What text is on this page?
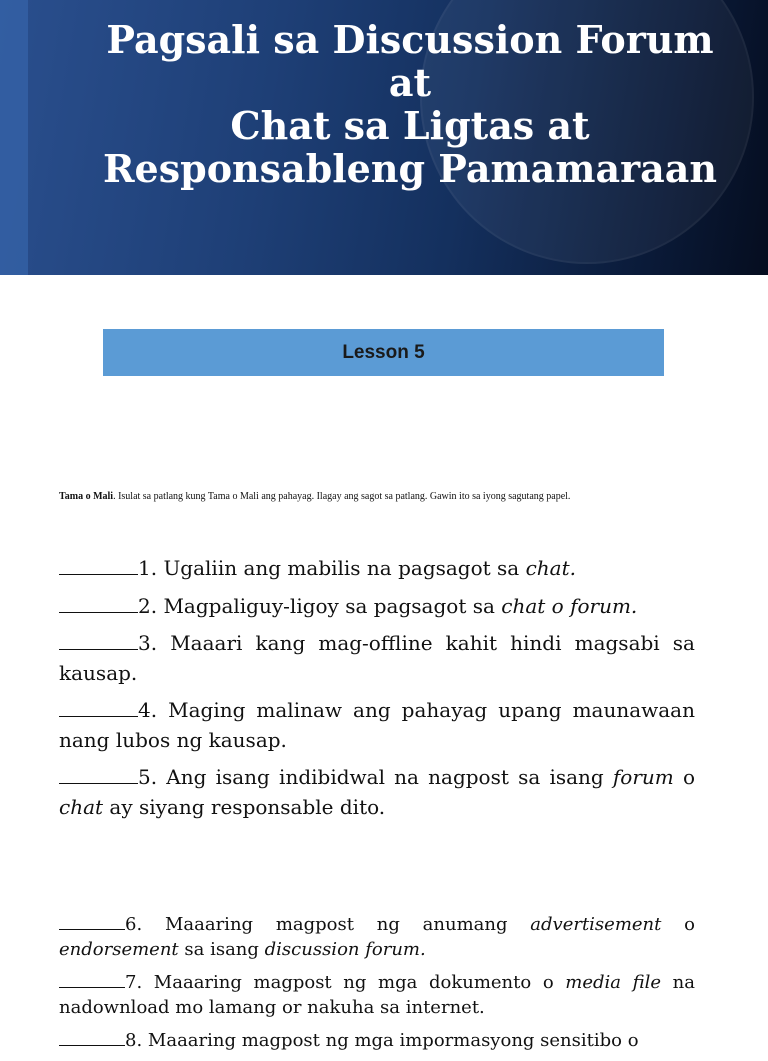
Pagsali sa Discussion Forum
at
Chat sa Ligtas at
Responsableng Pamamaraan
Lesson 5
Tama o Mali. Isulat sa patlang kung Tama o Mali ang pahayag. Ilagay ang sagot sa patlang. Gawin ito sa iyong sagutang papel.
1. Ugaliin ang mabilis na pagsagot sa chat.
2. Magpaliguy-ligoy sa pagsagot sa chat o forum.
3. Maaari kang mag-offline kahit hindi magsabi sa kausap.
4. Maging malinaw ang pahayag upang maunawaan nang lubos ng kausap.
5. Ang isang indibidwal na nagpost sa isang forum o chat ay siyang responsable dito.
6. Maaaring magpost ng anumang advertisement o endorsement sa isang discussion forum.
7. Maaaring magpost ng mga dokumento o media file na nadownload mo lamang or nakuha sa internet.
8. Maaaring magpost ng mga impormasyong sensitibo o
